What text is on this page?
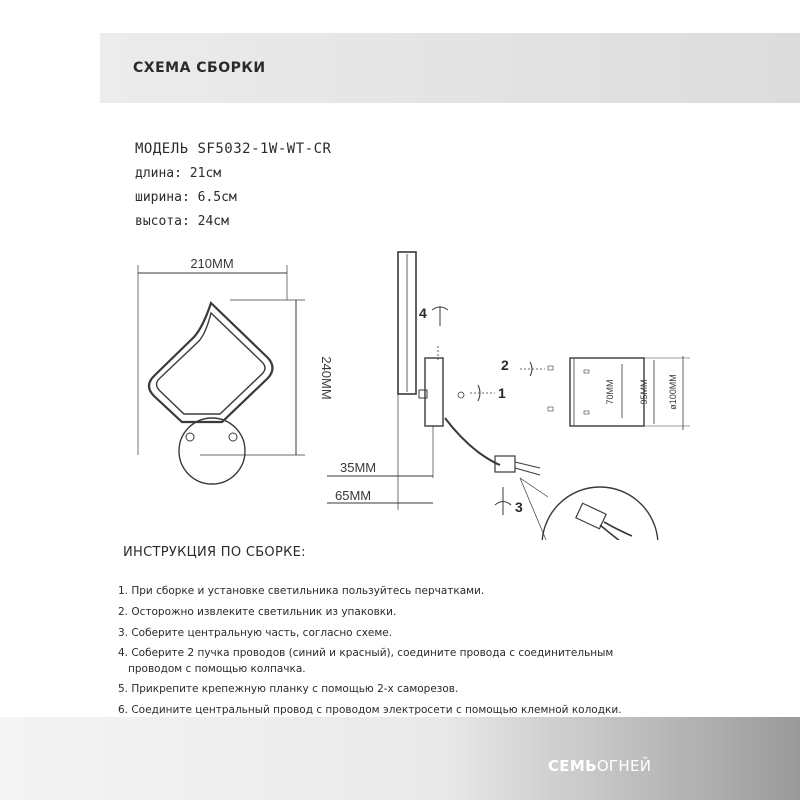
СХЕМА СБОРКИ
МОДЕЛЬ SF5032-1W-WT-CR
длина: 21см
ширина: 6.5см
высота: 24см
210MM
240MM
35MM
65MM
70MM	95MM ø100MM
1
2
3
4
ИНСТРУКЦИЯ ПО СБОРКЕ:
1. При сборке и установке светильника пользуйтесь перчатками.
2. Осторожно извлеките светильник из упаковки.
3. Соберите центральную часть, согласно схеме.
4. Соберите 2 пучка проводов (синий и красный), соедините провода с соединительным
проводом с помощью колпачка.
5. Прикрепите крепежную планку с помощью 2-х саморезов.
6. Соедините центральный провод с проводом электросети с помощью клемной колодки.
СЕМЬОГНЕЙ
